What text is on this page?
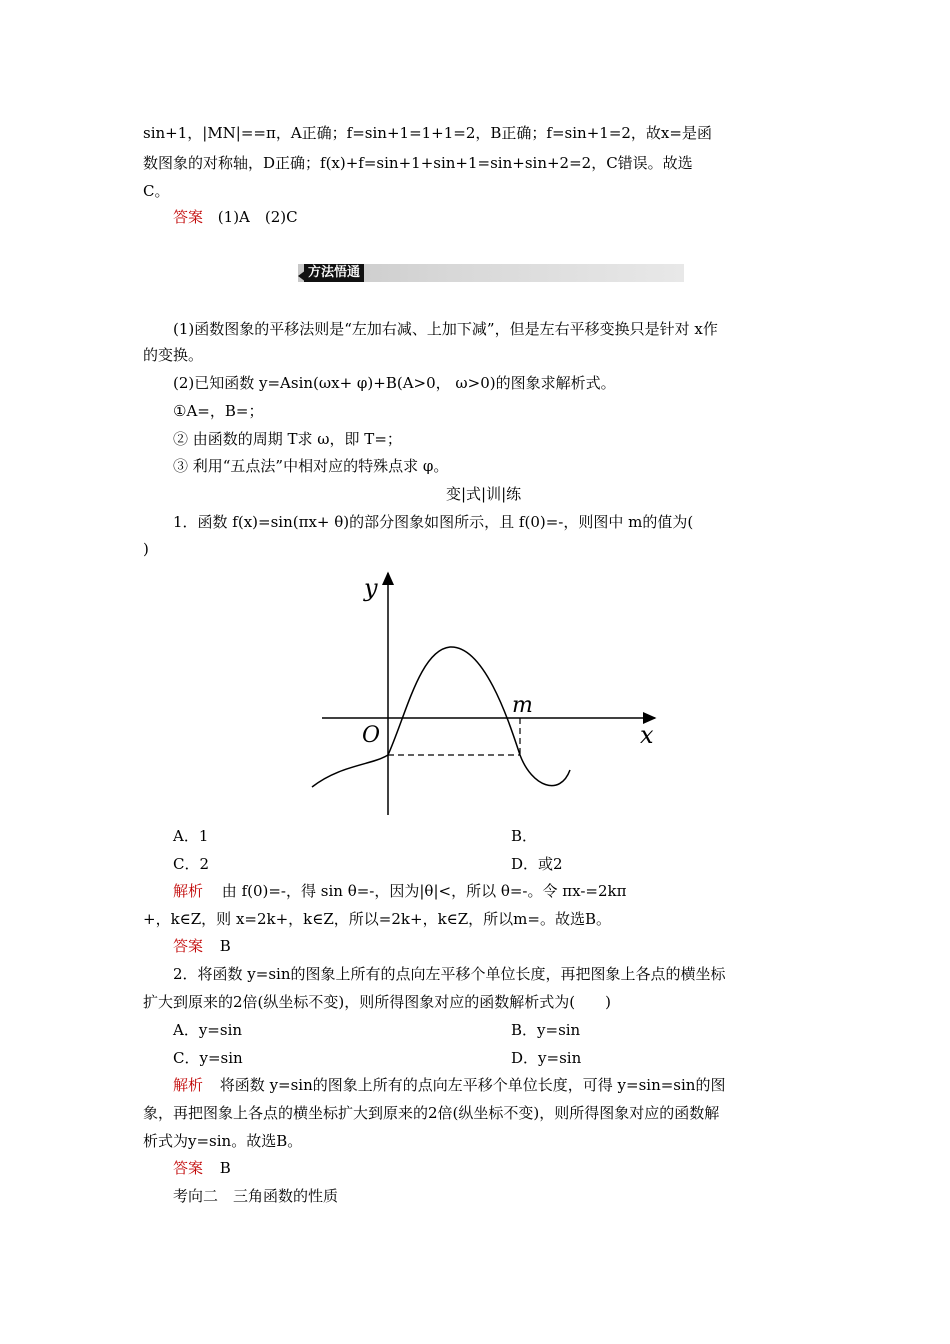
sin+1，|MN|==π，A正确；f=sin+1=1+1=2，B正确；f=sin+1=2，故x=是函
数图象的对称轴，D正确；f(x)+f=sin+1+sin+1=sin+sin+2=2，C错误。故选
C。
答案 (1)A　(2)C
方法悟通
(1)函数图象的平移法则是“左加右减、上加下减”，但是左右平移变换只是针对 x作
的变换。
(2)已知函数 y=Asin(ωx+ φ)+B(A>0， ω>0)的图象求解析式。
①A=，B=；
② 由函数的周期 T求 ω，即 T=；
③ 利用“五点法”中相对应的特殊点求 φ。
变|式|训|练
1．函数 f(x)=sin(πx+ θ)的部分图象如图所示，且 f(0)=-，则图中 m的值为(
)
y
x
O
m
A．1	B．
C．2	D．或2
解析 由 f(0)=-，得 sin θ=-，因为|θ|<，所以 θ=-。令 πx-=2kπ
+，k∈Z，则 x=2k+，k∈Z，所以=2k+，k∈Z，所以m=。故选B。
答案 B
2．将函数 y=sin的图象上所有的点向左平移个单位长度，再把图象上各点的横坐标
扩大到原来的2倍(纵坐标不变)，则所得图象对应的函数解析式为(　　)
A．y=sin	B．y=sin
C．y=sin	D．y=sin
解析 将函数 y=sin的图象上所有的点向左平移个单位长度，可得 y=sin=sin的图
象，再把图象上各点的横坐标扩大到原来的2倍(纵坐标不变)，则所得图象对应的函数解
析式为y=sin。故选B。
答案 B
考向二　三角函数的性质
